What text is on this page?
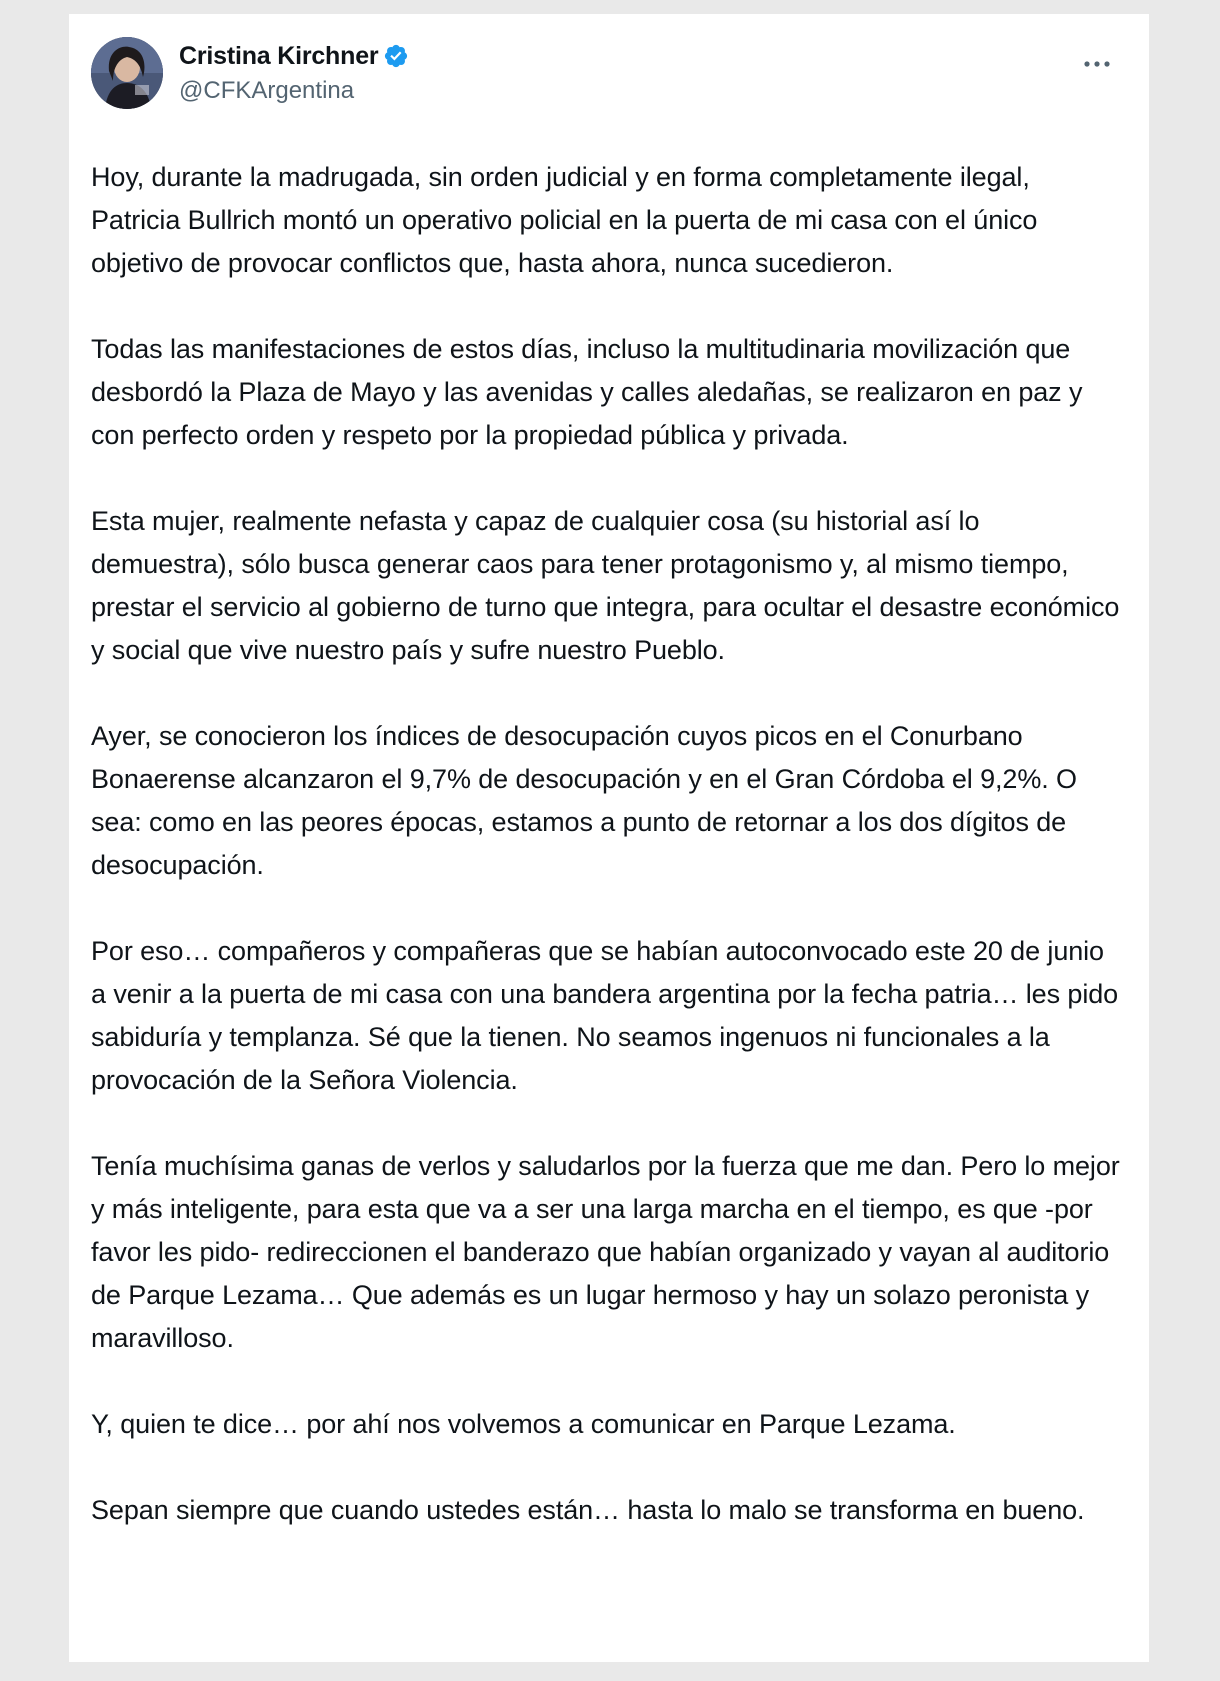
Cristina Kirchner
@CFKArgentina

Hoy, durante la madrugada, sin orden judicial y en forma completamente ilegal, Patricia Bullrich montó un operativo policial en la puerta de mi casa con el único objetivo de provocar conflictos que, hasta ahora, nunca sucedieron.

Todas las manifestaciones de estos días, incluso la multitudinaria movilización que desbordó la Plaza de Mayo y las avenidas y calles aledañas, se realizaron en paz y con perfecto orden y respeto por la propiedad pública y privada.

Esta mujer, realmente nefasta y capaz de cualquier cosa (su historial así lo demuestra), sólo busca generar caos para tener protagonismo y, al mismo tiempo, prestar el servicio al gobierno de turno que integra, para ocultar el desastre económico y social que vive nuestro país y sufre nuestro Pueblo.

Ayer, se conocieron los índices de desocupación cuyos picos en el Conurbano Bonaerense alcanzaron el 9,7% de desocupación y en el Gran Córdoba el 9,2%. O sea: como en las peores épocas, estamos a punto de retornar a los dos dígitos de desocupación.

Por eso… compañeros y compañeras que se habían autoconvocado este 20 de junio a venir a la puerta de mi casa con una bandera argentina por la fecha patria… les pido sabiduría y templanza. Sé que la tienen. No seamos ingenuos ni funcionales a la provocación de la Señora Violencia.

Tenía muchísima ganas de verlos y saludarlos por la fuerza que me dan. Pero lo mejor y más inteligente, para esta que va a ser una larga marcha en el tiempo, es que -por favor les pido- redireccionen el banderazo que habían organizado y vayan al auditorio de Parque Lezama… Que además es un lugar hermoso y hay un solazo peronista y maravilloso.

Y, quien te dice… por ahí nos volvemos a comunicar en Parque Lezama.

Sepan siempre que cuando ustedes están… hasta lo malo se transforma en bueno.
